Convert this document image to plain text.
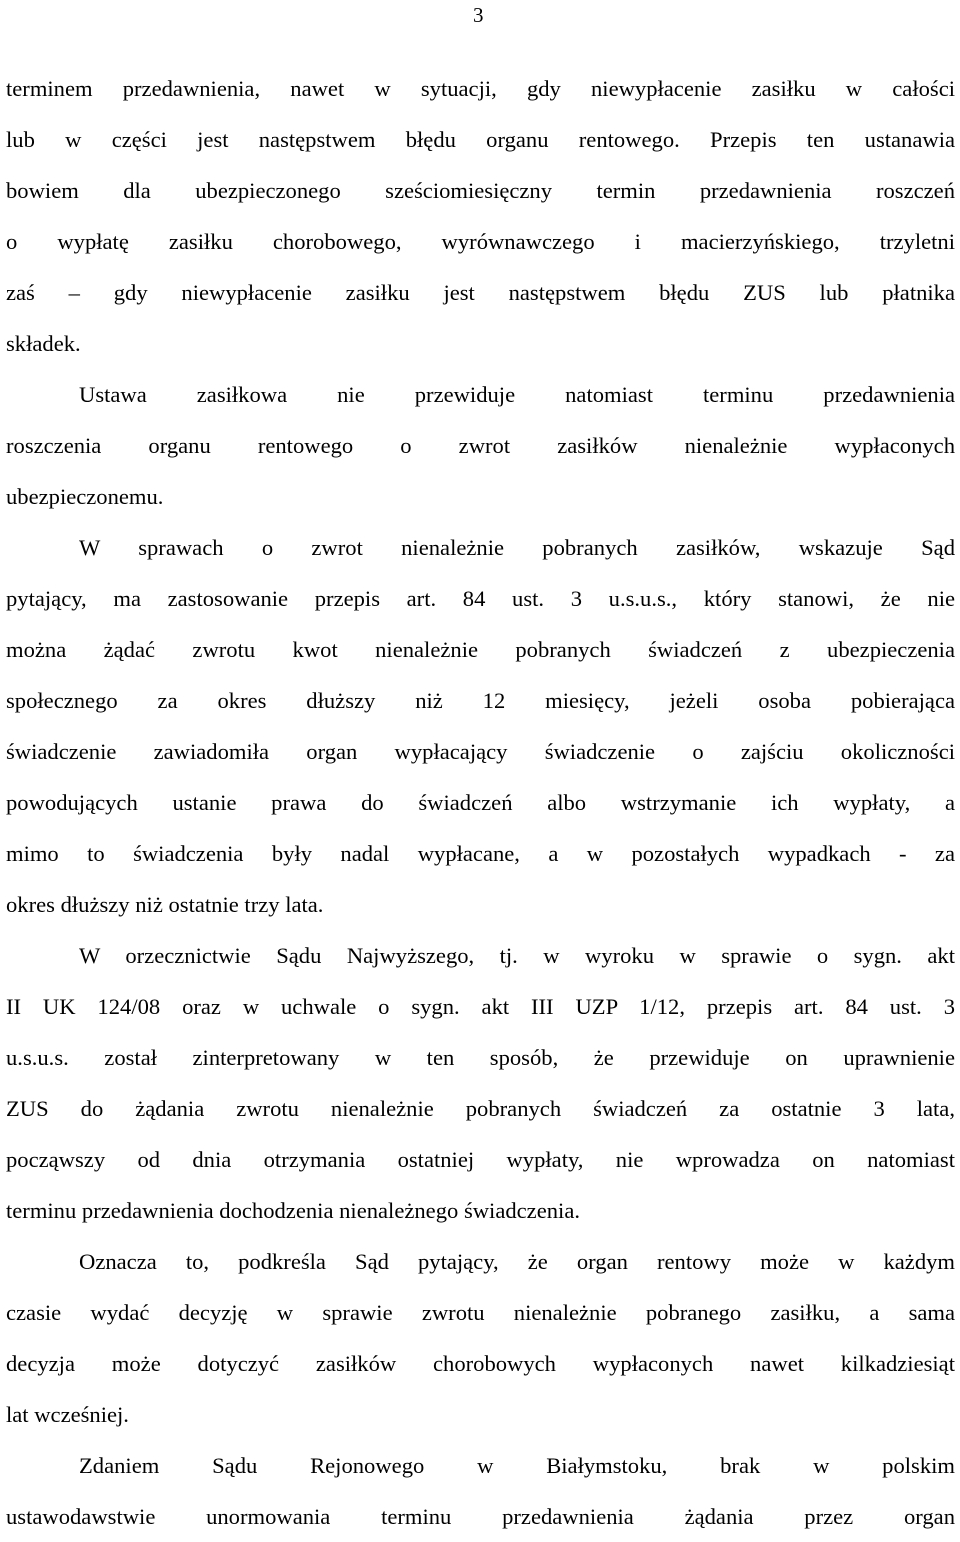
3
terminem przedawnienia, nawet w sytuacji, gdy niewypłacenie zasiłku w całości
lub w części jest następstwem błędu organu rentowego. Przepis ten ustanawia
bowiem dla ubezpieczonego sześciomiesięczny termin przedawnienia roszczeń
o wypłatę zasiłku chorobowego, wyrównawczego i macierzyńskiego, trzyletni
zaś – gdy niewypłacenie zasiłku jest następstwem błędu ZUS lub płatnika
składek.
Ustawa zasiłkowa nie przewiduje natomiast terminu przedawnienia
roszczenia organu rentowego o zwrot zasiłków nienależnie wypłaconych
ubezpieczonemu.
W sprawach o zwrot nienależnie pobranych zasiłków, wskazuje Sąd
pytający, ma zastosowanie przepis art. 84 ust. 3 u.s.u.s., który stanowi, że nie
można żądać zwrotu kwot nienależnie pobranych świadczeń z ubezpieczenia
społecznego za okres dłuższy niż 12 miesięcy, jeżeli osoba pobierająca
świadczenie zawiadomiła organ wypłacający świadczenie o zajściu okoliczności
powodujących ustanie prawa do świadczeń albo wstrzymanie ich wypłaty, a
mimo to świadczenia były nadal wypłacane, a w pozostałych wypadkach - za
okres dłuższy niż ostatnie trzy lata.
W orzecznictwie Sądu Najwyższego, tj. w wyroku w sprawie o sygn. akt
II UK 124/08 oraz w uchwale o sygn. akt III UZP 1/12, przepis art. 84 ust. 3
u.s.u.s. został zinterpretowany w ten sposób, że przewiduje on uprawnienie
ZUS do żądania zwrotu nienależnie pobranych świadczeń za ostatnie 3 lata,
począwszy od dnia otrzymania ostatniej wypłaty, nie wprowadza on natomiast
terminu przedawnienia dochodzenia nienależnego świadczenia.
Oznacza to, podkreśla Sąd pytający, że organ rentowy może w każdym
czasie wydać decyzję w sprawie zwrotu nienależnie pobranego zasiłku, a sama
decyzja może dotyczyć zasiłków chorobowych wypłaconych nawet kilkadziesiąt
lat wcześniej.
Zdaniem Sądu Rejonowego w Białymstoku, brak w polskim
ustawodawstwie unormowania terminu przedawnienia żądania przez organ
